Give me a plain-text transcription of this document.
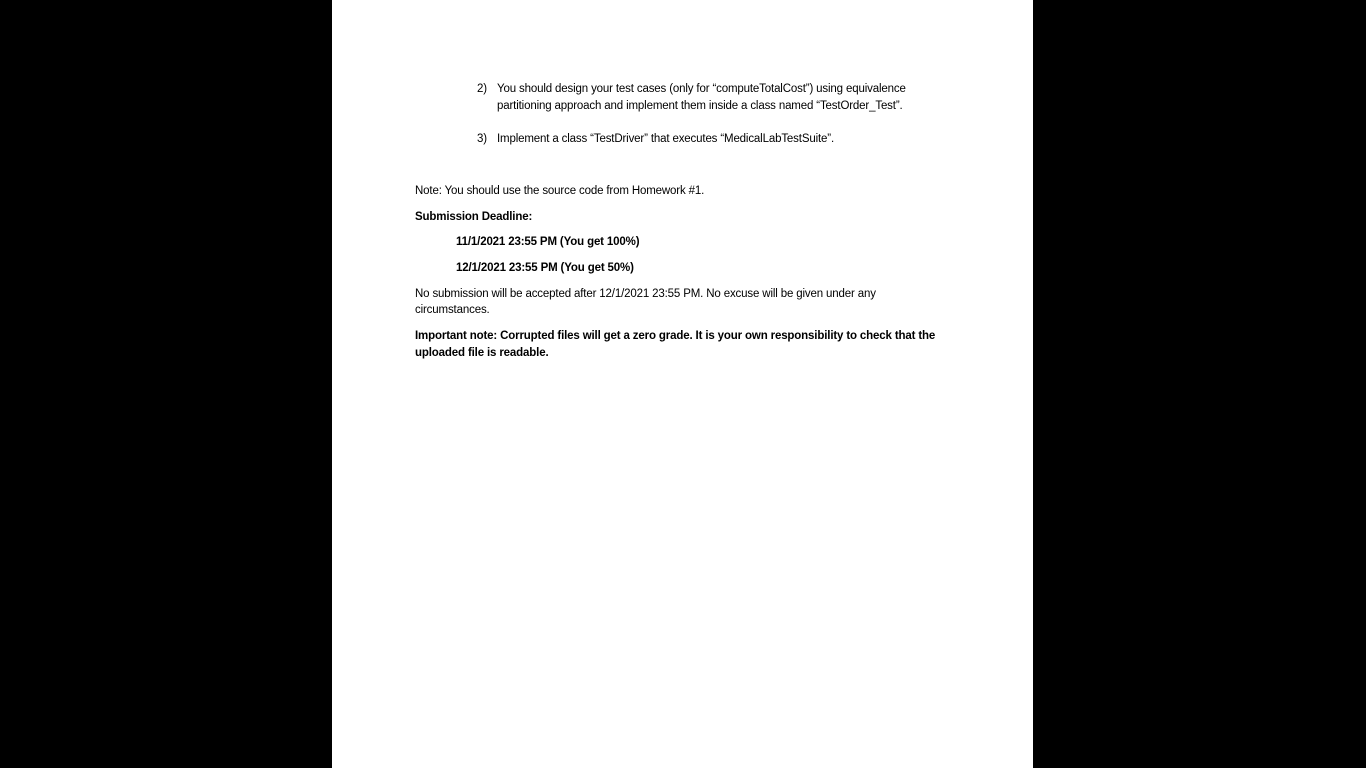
2) You should design your test cases (only for “computeTotalCost”) using equivalence
partitioning approach and implement them inside a class named “TestOrder_Test”.
3) Implement a class “TestDriver” that executes “MedicalLabTestSuite”.
Note: You should use the source code from Homework #1.
Submission Deadline:
11/1/2021 23:55 PM (You get 100%)
12/1/2021 23:55 PM (You get 50%)
No submission will be accepted after 12/1/2021 23:55 PM. No excuse will be given under any
circumstances.
Important note: Corrupted files will get a zero grade. It is your own responsibility to check that the
uploaded file is readable.
